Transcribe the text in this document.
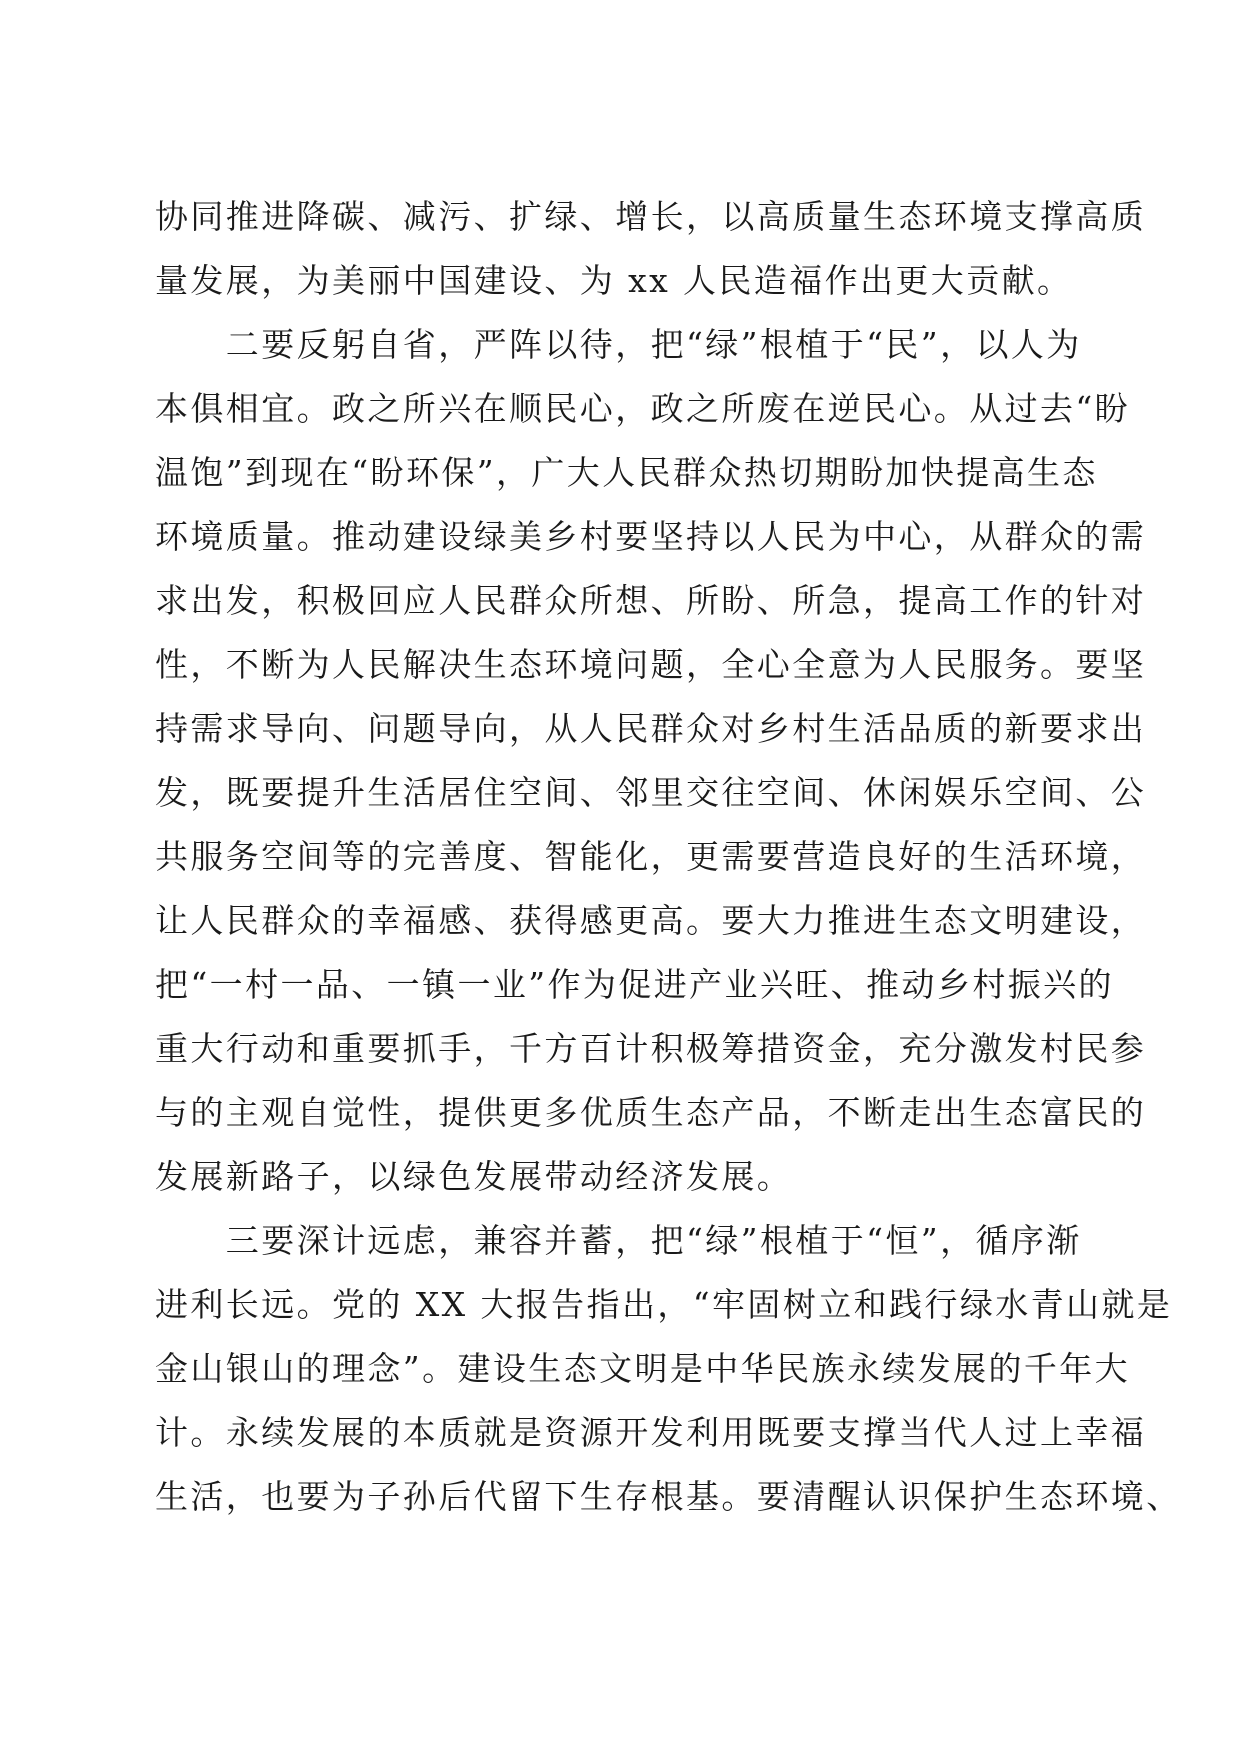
协同推进降碳、减污、扩绿、增长，以高质量生态环境支撑高质

量发展，为美丽中国建设、为 xx 人民造福作出更大贡献。

　　二要反躬自省，严阵以待，把“绿”根植于“民”，以人为

本俱相宜。政之所兴在顺民心，政之所废在逆民心。从过去“盼

温饱”到现在“盼环保”，广大人民群众热切期盼加快提高生态

环境质量。推动建设绿美乡村要坚持以人民为中心，从群众的需

求出发，积极回应人民群众所想、所盼、所急，提高工作的针对

性，不断为人民解决生态环境问题，全心全意为人民服务。要坚

持需求导向、问题导向，从人民群众对乡村生活品质的新要求出

发，既要提升生活居住空间、邻里交往空间、休闲娱乐空间、公

共服务空间等的完善度、智能化，更需要营造良好的生活环境，

让人民群众的幸福感、获得感更高。要大力推进生态文明建设，

把“一村一品、一镇一业”作为促进产业兴旺、推动乡村振兴的

重大行动和重要抓手，千方百计积极筹措资金，充分激发村民参

与的主观自觉性，提供更多优质生态产品，不断走出生态富民的

发展新路子，以绿色发展带动经济发展。

　　三要深计远虑，兼容并蓄，把“绿”根植于“恒”，循序渐

进利长远。党的 XX 大报告指出，“牢固树立和践行绿水青山就是

金山银山的理念”。建设生态文明是中华民族永续发展的千年大

计。永续发展的本质就是资源开发利用既要支撑当代人过上幸福

生活，也要为子孙后代留下生存根基。要清醒认识保护生态环境、
